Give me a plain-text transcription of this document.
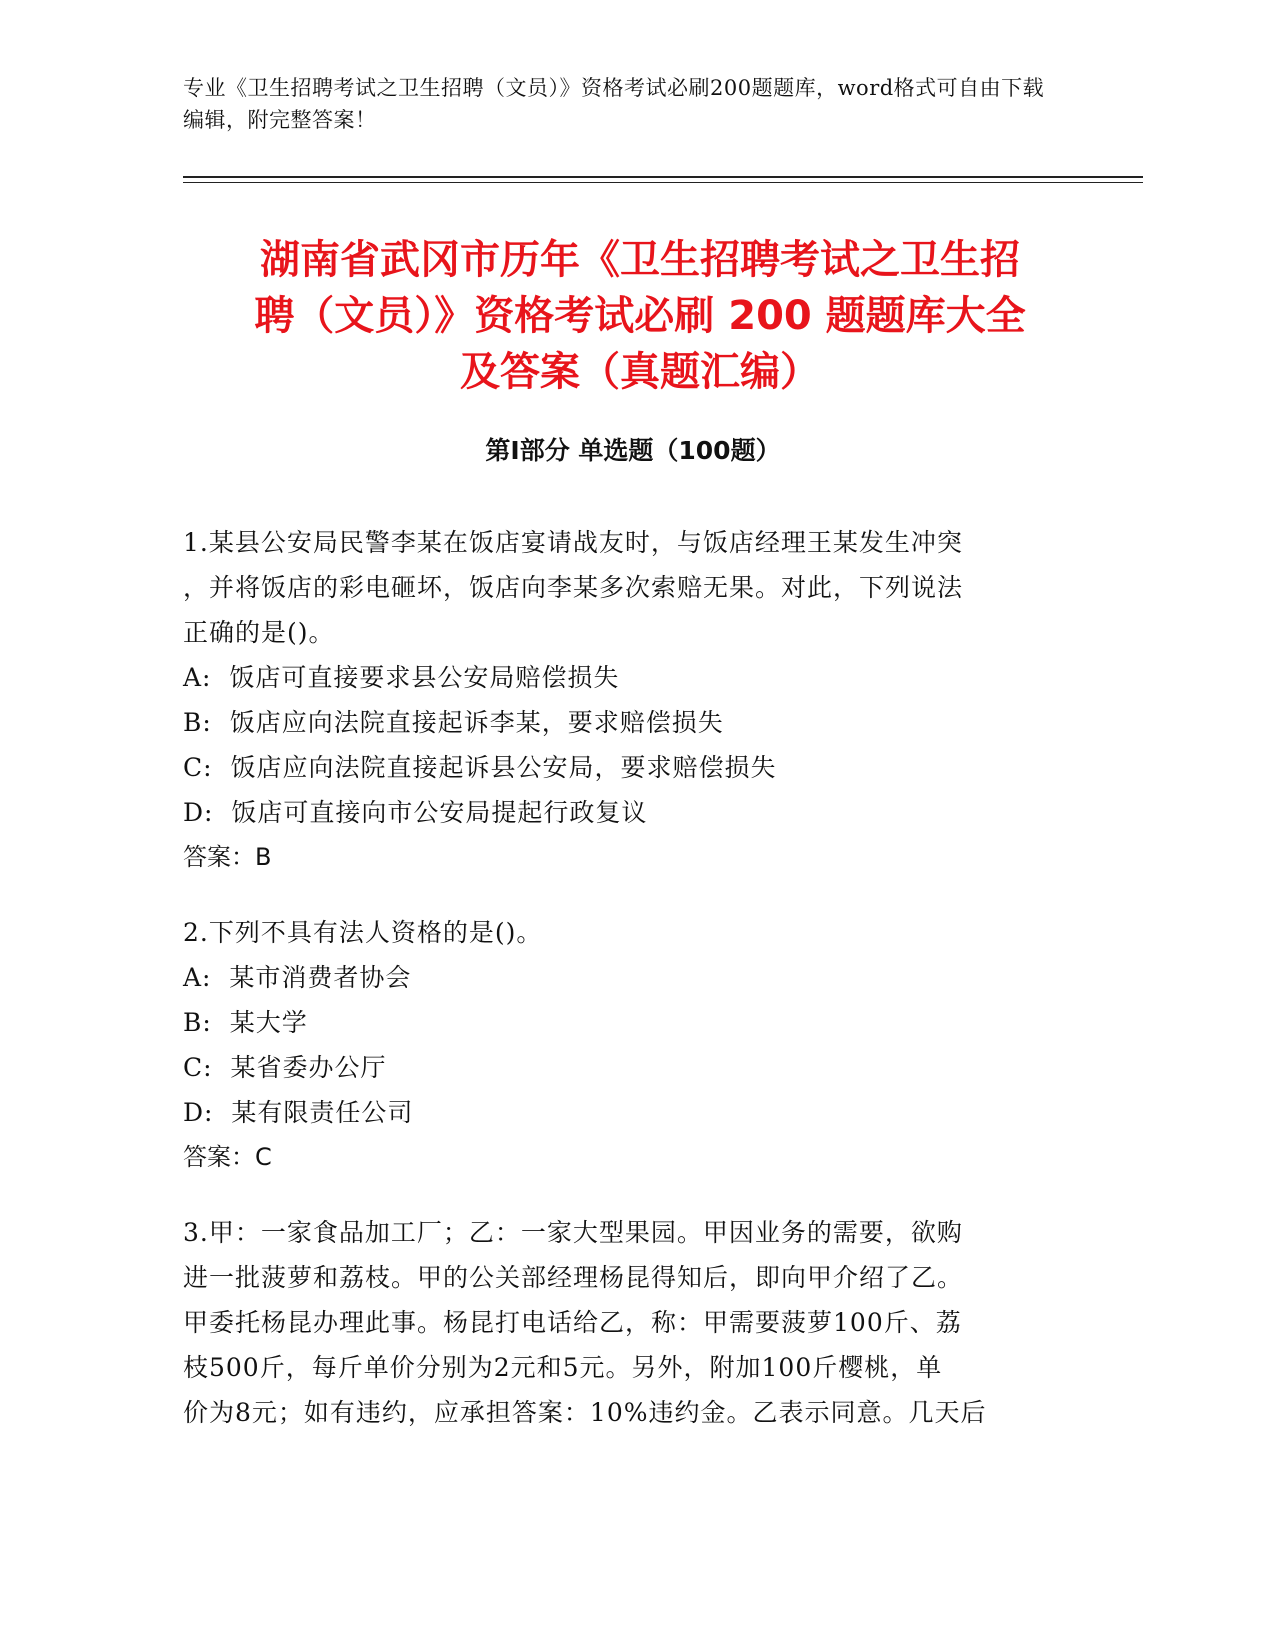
专业《卫生招聘考试之卫生招聘（文员）》资格考试必刷200题题库，word格式可自由下载编辑，附完整答案！
湖南省武冈市历年《卫生招聘考试之卫生招
聘（文员）》资格考试必刷 200 题题库大全
及答案（真题汇编）
第Ⅰ部分 单选题（100题）
1.某县公安局民警李某在饭店宴请战友时，与饭店经理王某发生冲突
，并将饭店的彩电砸坏，饭店向李某多次索赔无果。对此，下列说法
正确的是()。
A:  饭店可直接要求县公安局赔偿损失
B:  饭店应向法院直接起诉李某，要求赔偿损失
C:  饭店应向法院直接起诉县公安局，要求赔偿损失
D:  饭店可直接向市公安局提起行政复议
答案：B
2.下列不具有法人资格的是()。
A:  某市消费者协会
B:  某大学
C:  某省委办公厅
D:  某有限责任公司
答案：C
3.甲：一家食品加工厂；乙：一家大型果园。甲因业务的需要，欲购
进一批菠萝和荔枝。甲的公关部经理杨昆得知后，即向甲介绍了乙。
甲委托杨昆办理此事。杨昆打电话给乙，称：甲需要菠萝100斤、荔
枝500斤，每斤单价分别为2元和5元。另外，附加100斤樱桃，单
价为8元；如有违约，应承担答案：10%违约金。乙表示同意。几天后
